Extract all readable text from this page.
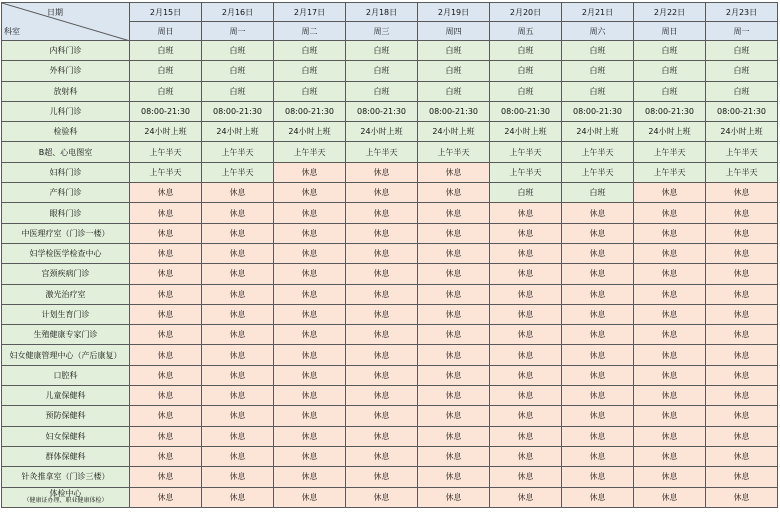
日期
科室	2月15日	2月16日	2月17日	2月18日	2月19日	2月20日	2月21日	2月22日	2月23日
	周日	周一	周二	周三	周四	周五	周六	周日	周一
内科门诊	白班	白班	白班	白班	白班	白班	白班	白班	白班
外科门诊	白班	白班	白班	白班	白班	白班	白班	白班	白班
放射科	白班	白班	白班	白班	白班	白班	白班	白班	白班
儿科门诊	08:00-21:30	08:00-21:30	08:00-21:30	08:00-21:30	08:00-21:30	08:00-21:30	08:00-21:30	08:00-21:30	08:00-21:30
检验科	24小时上班	24小时上班	24小时上班	24小时上班	24小时上班	24小时上班	24小时上班	24小时上班	24小时上班
B超、心电图室	上午半天	上午半天	上午半天	上午半天	上午半天	上午半天	上午半天	上午半天	上午半天
妇科门诊	上午半天	上午半天	休息	休息	休息	上午半天	上午半天	上午半天	上午半天
产科门诊	休息	休息	休息	休息	休息	白班	白班	休息	休息
眼科门诊	休息	休息	休息	休息	休息	休息	休息	休息	休息
中医理疗室（门诊一楼）	休息	休息	休息	休息	休息	休息	休息	休息	休息
妇学检医学检查中心	休息	休息	休息	休息	休息	休息	休息	休息	休息
宫颈疾病门诊	休息	休息	休息	休息	休息	休息	休息	休息	休息
激光治疗室	休息	休息	休息	休息	休息	休息	休息	休息	休息
计划生育门诊	休息	休息	休息	休息	休息	休息	休息	休息	休息
生殖健康专家门诊	休息	休息	休息	休息	休息	休息	休息	休息	休息
妇女健康管理中心（产后康复）	休息	休息	休息	休息	休息	休息	休息	休息	休息
口腔科	休息	休息	休息	休息	休息	休息	休息	休息	休息
儿童保健科	休息	休息	休息	休息	休息	休息	休息	休息	休息
预防保健科	休息	休息	休息	休息	休息	休息	休息	休息	休息
妇女保健科	休息	休息	休息	休息	休息	休息	休息	休息	休息
群体保健科	休息	休息	休息	休息	休息	休息	休息	休息	休息
针灸推拿室（门诊三楼）	休息	休息	休息	休息	休息	休息	休息	休息	休息

体检中心
（健康证办理、职业健康体检）	休息	休息	休息	休息	休息	休息	休息	休息	休息
